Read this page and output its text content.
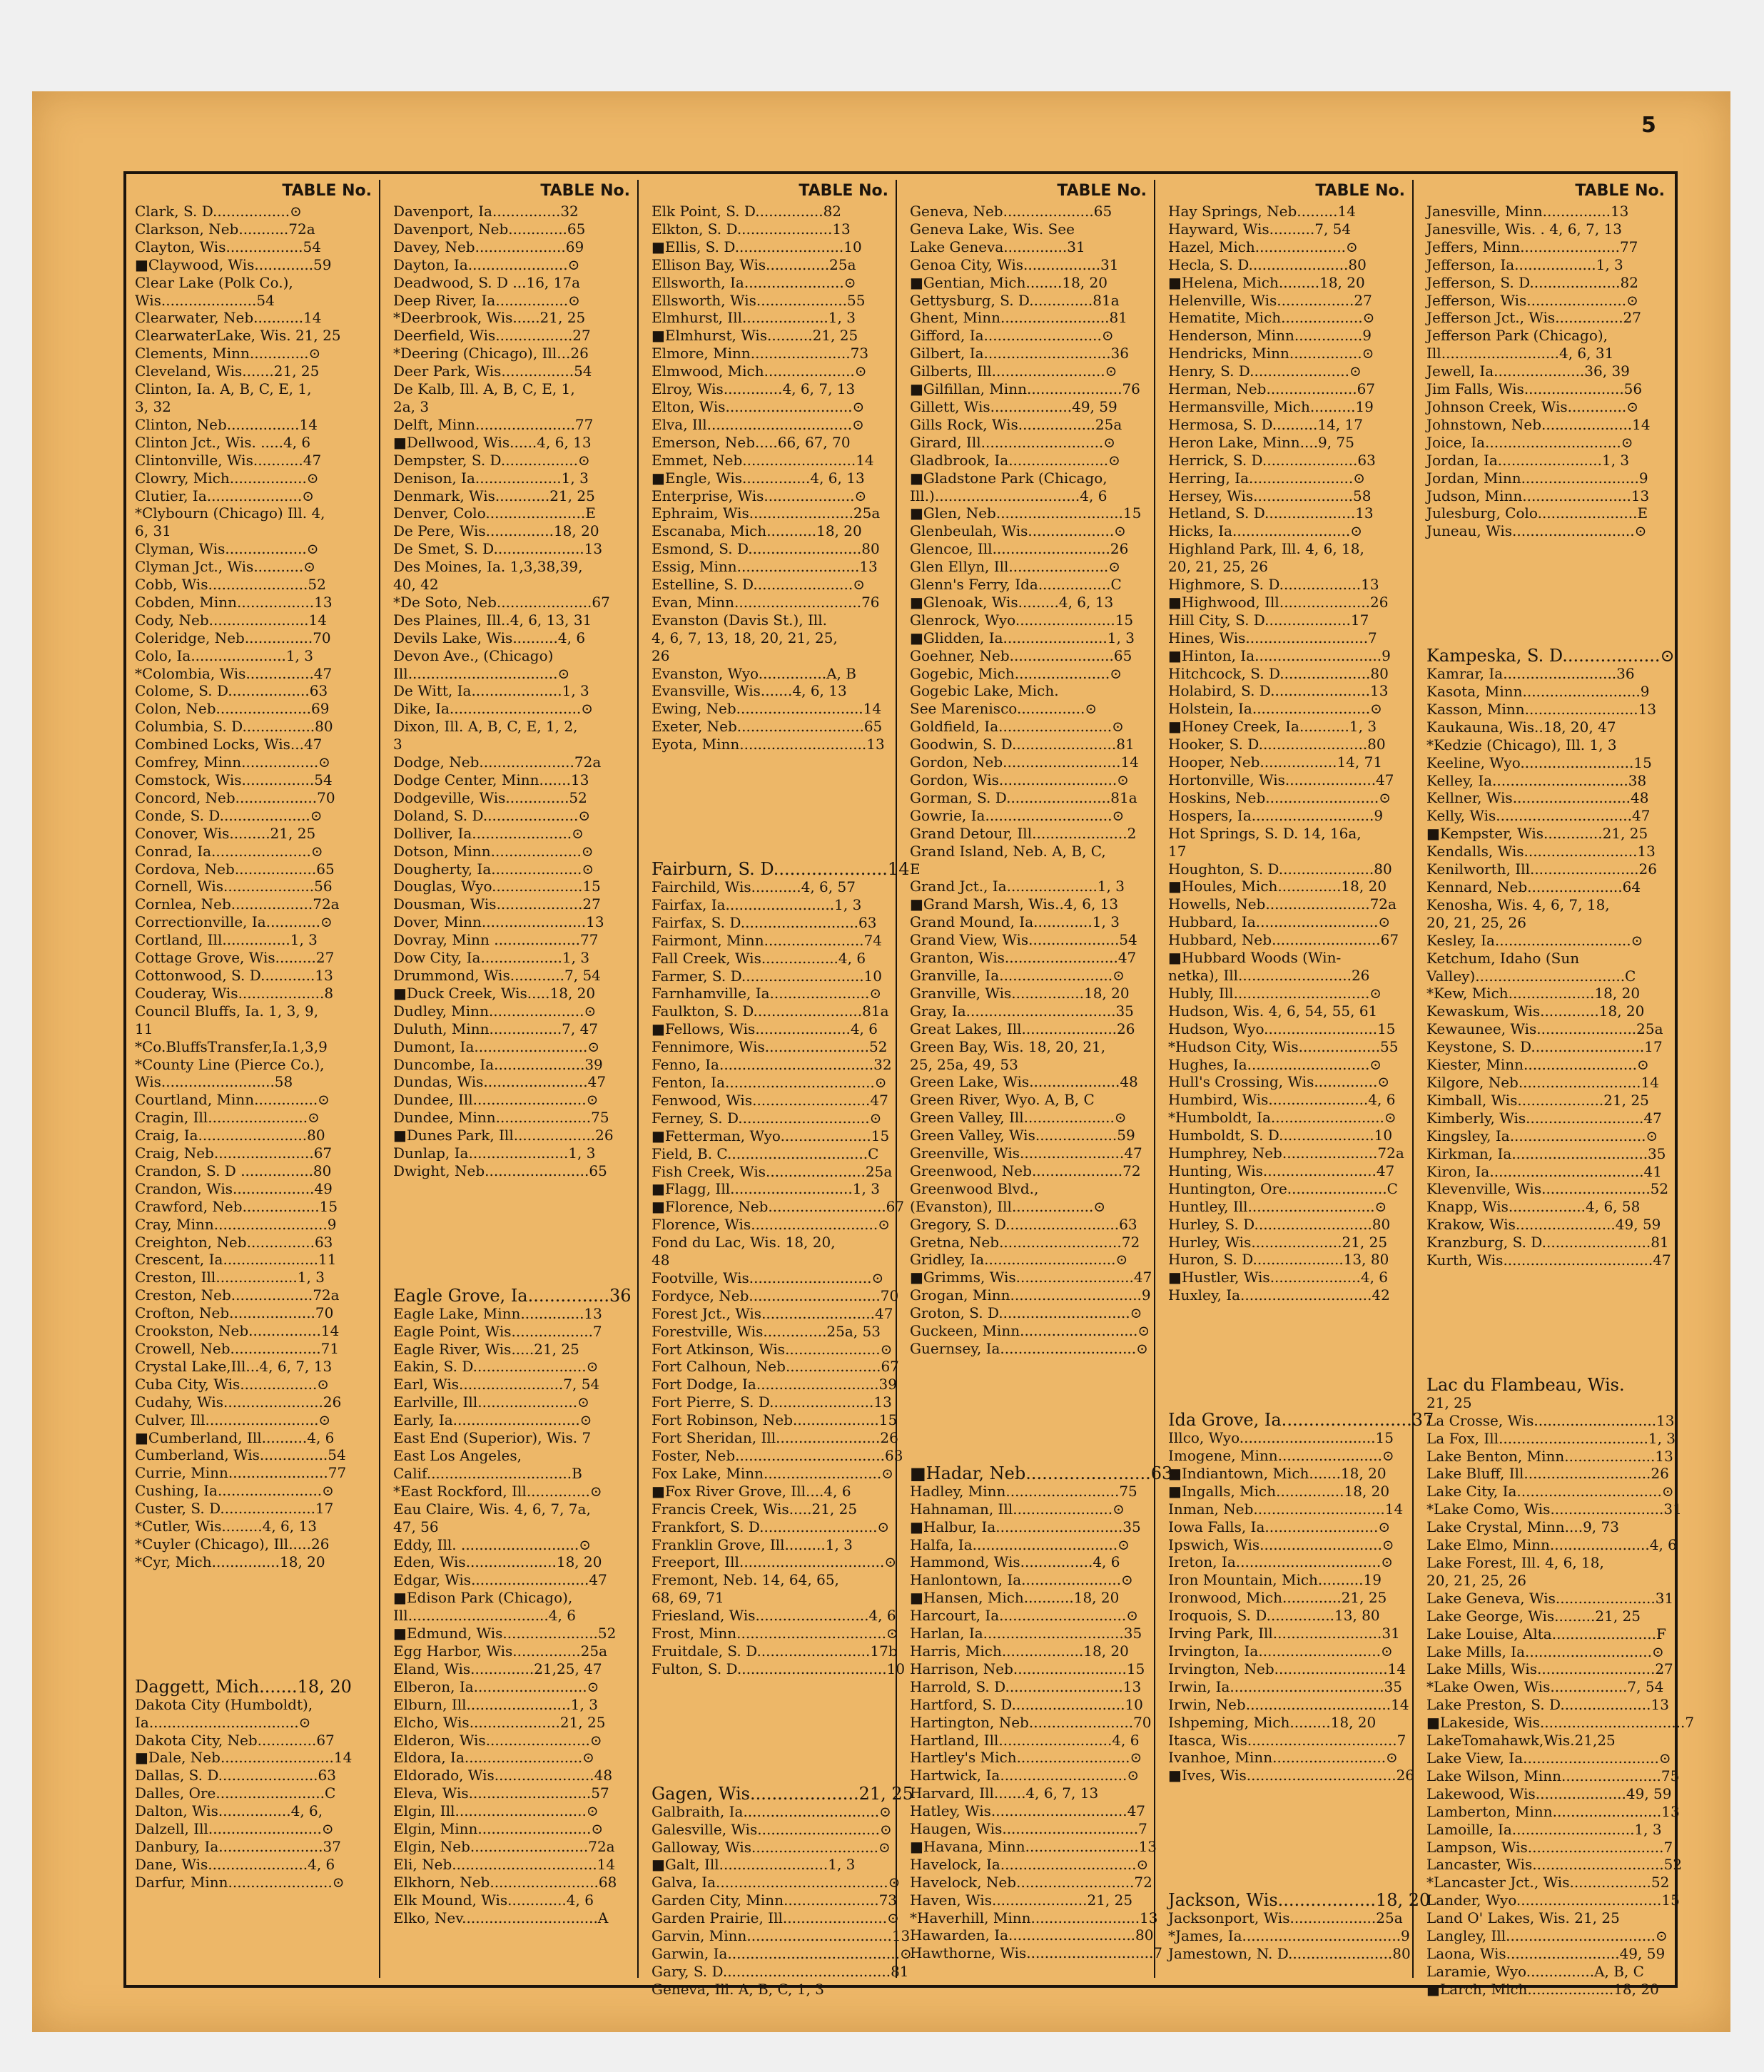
5
TABLE No.
Clark, S. D.................⊙
Clarkson, Neb...........72a
Clayton, Wis.................54
■Claywood, Wis.............59
Clear Lake (Polk Co.),
Wis.....................54
Clearwater, Neb...........14
ClearwaterLake, Wis. 21, 25
Clements, Minn.............⊙
Cleveland, Wis.......21, 25
Clinton, Ia. A, B, C, E, 1,
3, 32
Clinton, Neb................14
Clinton Jct., Wis. .....4, 6
Clintonville, Wis...........47
Clowry, Mich.................⊙
Clutier, Ia.....................⊙
*Clybourn (Chicago) Ill. 4,
6, 31
Clyman, Wis..................⊙
Clyman Jct., Wis...........⊙
Cobb, Wis......................52
Cobden, Minn.................13
Cody, Neb......................14
Coleridge, Neb...............70
Colo, Ia.....................1, 3
*Colombia, Wis...............47
Colome, S. D..................63
Colon, Neb.....................69
Columbia, S. D................80
Combined Locks, Wis...47
Comfrey, Minn.................⊙
Comstock, Wis................54
Concord, Neb..................70
Conde, S. D....................⊙
Conover, Wis.........21, 25
Conrad, Ia......................⊙
Cordova, Neb..................65
Cornell, Wis....................56
Cornlea, Neb..................72a
Correctionville, Ia............⊙
Cortland, Ill...............1, 3
Cottage Grove, Wis.........27
Cottonwood, S. D............13
Couderay, Wis...................8
Council Bluffs, Ia. 1, 3, 9,
11
*Co.BluffsTransfer,Ia.1,3,9
*County Line (Pierce Co.),
Wis.........................58
Courtland, Minn..............⊙
Cragin, Ill......................⊙
Craig, Ia........................80
Craig, Neb......................67
Crandon, S. D ................80
Crandon, Wis..................49
Crawford, Neb.................15
Cray, Minn.........................9
Creighton, Neb...............63
Crescent, Ia.....................11
Creston, Ill..................1, 3
Creston, Neb..................72a
Crofton, Neb...................70
Crookston, Neb................14
Crowell, Neb....................71
Crystal Lake,Ill...4, 6, 7, 13
Cuba City, Wis.................⊙
Cudahy, Wis......................26
Culver, Ill.........................⊙
■Cumberland, Ill..........4, 6
Cumberland, Wis...............54
Currie, Minn......................77
Cushing, Ia.......................⊙
Custer, S. D.....................17
*Cutler, Wis.........4, 6, 13
*Cuyler (Chicago), Ill.....26
*Cyr, Mich...............18, 20
Daggett, Mich.......18, 20
Dakota City (Humboldt),
Ia.................................⊙
Dakota City, Neb.............67
■Dale, Neb.........................14
Dallas, S. D......................63
Dalles, Ore........................C
Dalton, Wis................4, 6,
Dalzell, Ill.........................⊙
Danbury, Ia.......................37
Dane, Wis......................4, 6
Darfur, Minn.......................⊙
TABLE No.
Davenport, Ia...............32
Davenport, Neb.............65
Davey, Neb....................69
Dayton, Ia......................⊙
Deadwood, S. D ...16, 17a
Deep River, Ia................⊙
*Deerbrook, Wis......21, 25
Deerfield, Wis.................27
*Deering (Chicago), Ill...26
Deer Park, Wis................54
De Kalb, Ill. A, B, C, E, 1,
2a, 3
Delft, Minn......................77
■Dellwood, Wis......4, 6, 13
Dempster, S. D.................⊙
Denison, Ia...................1, 3
Denmark, Wis............21, 25
Denver, Colo......................E
De Pere, Wis...............18, 20
De Smet, S. D....................13
Des Moines, Ia. 1,3,38,39,
40, 42
*De Soto, Neb.....................67
Des Plaines, Ill..4, 6, 13, 31
Devils Lake, Wis..........4, 6
Devon Ave., (Chicago)
Ill.................................⊙
De Witt, Ia....................1, 3
Dike, Ia.............................⊙
Dixon, Ill. A, B, C, E, 1, 2,
3
Dodge, Neb.....................72a
Dodge Center, Minn.......13
Dodgeville, Wis..............52
Doland, S. D.....................⊙
Dolliver, Ia......................⊙
Dotson, Minn....................⊙
Dougherty, Ia....................⊙
Douglas, Wyo....................15
Dousman, Wis...................27
Dover, Minn.......................13
Dovray, Minn ...................77
Dow City, Ia..................1, 3
Drummond, Wis............7, 54
■Duck Creek, Wis.....18, 20
Dudley, Minn.....................⊙
Duluth, Minn................7, 47
Dumont, Ia.........................⊙
Duncombe, Ia....................39
Dundas, Wis.......................47
Dundee, Ill.........................⊙
Dundee, Minn.....................75
■Dunes Park, Ill..................26
Dunlap, Ia......................1, 3
Dwight, Neb.......................65
Eagle Grove, Ia...............36
Eagle Lake, Minn..............13
Eagle Point, Wis..................7
Eagle River, Wis.....21, 25
Eakin, S. D.........................⊙
Earl, Wis.......................7, 54
Earlville, Ill......................⊙
Early, Ia............................⊙
East End (Superior), Wis. 7
East Los Angeles,
Calif................................B
*East Rockford, Ill..............⊙
Eau Claire, Wis. 4, 6, 7, 7a,
47, 56
Eddy, Ill. ..........................⊙
Eden, Wis....................18, 20
Edgar, Wis..........................47
■Edison Park (Chicago),
Ill...............................4, 6
■Edmund, Wis.....................52
Egg Harbor, Wis...............25a
Eland, Wis..............21,25, 47
Elberon, Ia.........................⊙
Elburn, Ill.......................1, 3
Elcho, Wis....................21, 25
Elderon, Wis.......................⊙
Eldora, Ia..........................⊙
Eldorado, Wis......................48
Eleva, Wis...........................57
Elgin, Ill.............................⊙
Elgin, Minn.........................⊙
Elgin, Neb..........................72a
Eli, Neb................................14
Elkhorn, Neb........................68
Elk Mound, Wis.............4, 6
Elko, Nev..............................A
TABLE No.
Elk Point, S. D...............82
Elkton, S. D.....................13
■Ellis, S. D........................10
Ellison Bay, Wis..............25a
Ellsworth, Ia......................⊙
Ellsworth, Wis....................55
Elmhurst, Ill...................1, 3
■Elmhurst, Wis..........21, 25
Elmore, Minn......................73
Elmwood, Mich....................⊙
Elroy, Wis.............4, 6, 7, 13
Elton, Wis............................⊙
Elva, Ill................................⊙
Emerson, Neb.....66, 67, 70
Emmet, Neb.........................14
■Engle, Wis...............4, 6, 13
Enterprise, Wis....................⊙
Ephraim, Wis.......................25a
Escanaba, Mich...........18, 20
Esmond, S. D.........................80
Essig, Minn...........................13
Estelline, S. D......................⊙
Evan, Minn............................76
Evanston (Davis St.), Ill.
4, 6, 7, 13, 18, 20, 21, 25,
26
Evanston, Wyo...............A, B
Evansville, Wis.......4, 6, 13
Ewing, Neb............................14
Exeter, Neb............................65
Eyota, Minn............................13
Fairburn, S. D.....................14
Fairchild, Wis...........4, 6, 57
Fairfax, Ia........................1, 3
Fairfax, S. D..........................63
Fairmont, Minn......................74
Fall Creek, Wis.................4, 6
Farmer, S. D...........................10
Farnhamville, Ia......................⊙
Faulkton, S. D........................81a
■Fellows, Wis.....................4, 6
Fennimore, Wis.......................52
Fenno, Ia..................................32
Fenton, Ia.................................⊙
Fenwood, Wis..........................47
Ferney, S. D.............................⊙
■Fetterman, Wyo....................15
Field, B. C...............................C
Fish Creek, Wis......................25a
■Flagg, Ill...........................1, 3
■Florence, Neb..........................67
Florence, Wis............................⊙
Fond du Lac, Wis. 18, 20,
48
Footville, Wis...........................⊙
Fordyce, Neb.............................70
Forest Jct., Wis.........................47
Forestville, Wis..............25a, 53
Fort Atkinson, Wis.....................⊙
Fort Calhoun, Neb.....................67
Fort Dodge, Ia...........................39
Fort Pierre, S. D.......................13
Fort Robinson, Neb...................15
Fort Sheridan, Ill.......................26
Foster, Neb.................................63
Fox Lake, Minn..........................⊙
■Fox River Grove, Ill....4, 6
Francis Creek, Wis.....21, 25
Frankfort, S. D..........................⊙
Franklin Grove, Ill.........1, 3
Freeport, Ill................................⊙
Fremont, Neb. 14, 64, 65,
68, 69, 71
Friesland, Wis.........................4, 6
Frost, Minn.................................⊙
Fruitdale, S. D.........................17b
Fulton, S. D.................................10
Gagen, Wis....................21, 25
Galbraith, Ia..............................⊙
Galesville, Wis...........................⊙
Galloway, Wis............................⊙
■Galt, Ill........................1, 3
Galva, Ia......................................⊙
Garden City, Minn.....................73
Garden Prairie, Ill.......................⊙
Garvin, Minn................................13
Garwin, Ia......................................⊙
Gary, S. D.....................................81
Geneva, Ill. A, B, C, 1, 3
TABLE No.
Geneva, Neb....................65
Geneva Lake, Wis. See
Lake Geneva..............31
Genoa City, Wis.................31
■Gentian, Mich........18, 20
Gettysburg, S. D..............81a
Ghent, Minn........................81
Gifford, Ia..........................⊙
Gilbert, Ia............................36
Gilberts, Ill.........................⊙
■Gilfillan, Minn.....................76
Gillett, Wis..................49, 59
Gills Rock, Wis.................25a
Girard, Ill...........................⊙
Gladbrook, Ia......................⊙
■Gladstone Park (Chicago,
Ill.)................................4, 6
■Glen, Neb............................15
Glenbeulah, Wis...................⊙
Glencoe, Ill..........................26
Glen Ellyn, Ill......................⊙
Glenn's Ferry, Ida................C
■Glenoak, Wis.........4, 6, 13
Glenrock, Wyo......................15
■Glidden, Ia.......................1, 3
Goehner, Neb.......................65
Gogebic, Mich.....................⊙
Gogebic Lake, Mich.
See Marenisco...............⊙
Goldfield, Ia.........................⊙
Goodwin, S. D.......................81
Gordon, Neb..........................14
Gordon, Wis..........................⊙
Gorman, S. D.......................81a
Gowrie, Ia............................⊙
Grand Detour, Ill.....................2
Grand Island, Neb. A, B, C,
E
Grand Jct., Ia....................1, 3
■Grand Marsh, Wis..4, 6, 13
Grand Mound, Ia.............1, 3
Grand View, Wis....................54
Granton, Wis.........................47
Granville, Ia.........................⊙
Granville, Wis................18, 20
Gray, Ia.................................35
Great Lakes, Ill.....................26
Green Bay, Wis. 18, 20, 21,
25, 25a, 49, 53
Green Lake, Wis....................48
Green River, Wyo. A, B, C
Green Valley, Ill....................⊙
Green Valley, Wis..................59
Greenville, Wis.......................47
Greenwood, Neb....................72
Greenwood Blvd.,
(Evanston), Ill..................⊙
Gregory, S. D.........................63
Gretna, Neb...........................72
Gridley, Ia.............................⊙
■Grimms, Wis..........................47
Grogan, Minn.............................9
Groton, S. D.............................⊙
Guckeen, Minn..........................⊙
Guernsey, Ia..............................⊙
■Hadar, Neb.......................63
Hadley, Minn.........................75
Hahnaman, Ill......................⊙
■Halbur, Ia............................35
Halfa, Ia................................⊙
Hammond, Wis................4, 6
Hanlontown, Ia......................⊙
■Hansen, Mich...........18, 20
Harcourt, Ia............................⊙
Harlan, Ia...............................35
Harris, Mich..................18, 20
Harrison, Neb.........................15
Harrold, S. D..........................13
Hartford, S. D.........................10
Hartington, Neb.......................70
Hartland, Ill.........................4, 6
Hartley's Mich.........................⊙
Hartwick, Ia............................⊙
Harvard, Ill.......4, 6, 7, 13
Hatley, Wis..............................47
Haugen, Wis..............................7
■Havana, Minn.........................13
Havelock, Ia..............................⊙
Havelock, Neb..........................72
Haven, Wis.....................21, 25
*Haverhill, Minn........................13
Hawarden, Ia............................80
Hawthorne, Wis............................7
TABLE No.
Hay Springs, Neb.........14
Hayward, Wis..........7, 54
Hazel, Mich....................⊙
Hecla, S. D......................80
■Helena, Mich.........18, 20
Helenville, Wis.................27
Hematite, Mich..................⊙
Henderson, Minn...............9
Hendricks, Minn................⊙
Henry, S. D......................⊙
Herman, Neb....................67
Hermansville, Mich..........19
Hermosa, S. D..........14, 17
Heron Lake, Minn....9, 75
Herrick, S. D.....................63
Herring, Ia.......................⊙
Hersey, Wis......................58
Hetland, S. D....................13
Hicks, Ia..........................⊙
Highland Park, Ill. 4, 6, 18,
20, 21, 25, 26
Highmore, S. D..................13
■Highwood, Ill....................26
Hill City, S. D...................17
Hines, Wis...........................7
■Hinton, Ia............................9
Hitchcock, S. D....................80
Holabird, S. D......................13
Holstein, Ia..........................⊙
■Honey Creek, Ia...........1, 3
Hooker, S. D........................80
Hooper, Neb.................14, 71
Hortonville, Wis....................47
Hoskins, Neb.........................⊙
Hospers, Ia...........................9
Hot Springs, S. D. 14, 16a,
17
Houghton, S. D.....................80
■Houles, Mich..............18, 20
Howells, Neb.......................72a
Hubbard, Ia...........................⊙
Hubbard, Neb........................67
■Hubbard Woods (Win-
netka), Ill.........................26
Hubly, Ill..............................⊙
Hudson, Wis. 4, 6, 54, 55, 61
Hudson, Wyo.........................15
*Hudson City, Wis..................55
Hughes, Ia...........................⊙
Hull's Crossing, Wis..............⊙
Humbird, Wis......................4, 6
*Humboldt, Ia.........................⊙
Humboldt, S. D.....................10
Humphrey, Neb.....................72a
Hunting, Wis.........................47
Huntington, Ore......................C
Huntley, Ill............................⊙
Hurley, S. D..........................80
Hurley, Wis....................21, 25
Huron, S. D....................13, 80
■Hustler, Wis....................4, 6
Huxley, Ia.............................42
Ida Grove, Ia........................37
Illco, Wyo..............................15
Imogene, Minn.......................⊙
■Indiantown, Mich.......18, 20
■Ingalls, Mich...............18, 20
Inman, Neb.............................14
Iowa Falls, Ia.........................⊙
Ipswich, Wis...........................⊙
Ireton, Ia................................⊙
Iron Mountain, Mich..........19
Ironwood, Mich.............21, 25
Iroquois, S. D...............13, 80
Irving Park, Ill........................31
Irvington, Ia...........................⊙
Irvington, Neb.........................14
Irwin, Ia..................................35
Irwin, Neb................................14
Ishpeming, Mich.........18, 20
Itasca, Wis.................................7
Ivanhoe, Minn.........................⊙
■Ives, Wis.................................26
Jackson, Wis..................18, 20
Jacksonport, Wis...................25a
*James, Ia...................................9
Jamestown, N. D.......................80
TABLE No.
Janesville, Minn...............13
Janesville, Wis. . 4, 6, 7, 13
Jeffers, Minn......................77
Jefferson, Ia..................1, 3
Jefferson, S. D....................82
Jefferson, Wis......................⊙
Jefferson Jct., Wis...............27
Jefferson Park (Chicago),
Ill..........................4, 6, 31
Jewell, Ia....................36, 39
Jim Falls, Wis......................56
Johnson Creek, Wis.............⊙
Johnstown, Neb....................14
Joice, Ia..............................⊙
Jordan, Ia.......................1, 3
Jordan, Minn..........................9
Judson, Minn........................13
Julesburg, Colo......................E
Juneau, Wis...........................⊙
Kampeska, S. D..................⊙
Kamrar, Ia.........................36
Kasota, Minn..........................9
Kasson, Minn.........................13
Kaukauna, Wis..18, 20, 47
*Kedzie (Chicago), Ill. 1, 3
Keeline, Wyo.........................15
Kelley, Ia..............................38
Kellner, Wis..........................48
Kelly, Wis..............................47
■Kempster, Wis.............21, 25
Kendalls, Wis.........................13
Kenilworth, Ill........................26
Kennard, Neb.....................64
Kenosha, Wis. 4, 6, 7, 18,
20, 21, 25, 26
Kesley, Ia..............................⊙
Ketchum, Idaho (Sun
Valley).................................C
*Kew, Mich...................18, 20
Kewaskum, Wis.............18, 20
Kewaunee, Wis......................25a
Keystone, S. D.........................17
Kiester, Minn.........................⊙
Kilgore, Neb...........................14
Kimball, Wis...................21, 25
Kimberly, Wis..........................47
Kingsley, Ia..............................⊙
Kirkman, Ia..............................35
Kiron, Ia..................................41
Klevenville, Wis........................52
Knapp, Wis.................4, 6, 58
Krakow, Wis......................49, 59
Kranzburg, S. D........................81
Kurth, Wis.................................47
Lac du Flambeau, Wis.
21, 25
La Crosse, Wis...........................13
La Fox, Ill.................................1, 3
Lake Benton, Minn....................13
Lake Bluff, Ill............................26
Lake City, Ia................................⊙
*Lake Como, Wis.........................31
Lake Crystal, Minn....9, 73
Lake Elmo, Minn......................4, 6
Lake Forest, Ill. 4, 6, 18,
20, 21, 25, 26
Lake Geneva, Wis......................31
Lake George, Wis.........21, 25
Lake Louise, Alta.......................F
Lake Mills, Ia............................⊙
Lake Mills, Wis..........................27
*Lake Owen, Wis.................7, 54
Lake Preston, S. D....................13
■Lakeside, Wis................................7
LakeTomahawk,Wis.21,25
Lake View, Ia..............................⊙
Lake Wilson, Minn......................75
Lakewood, Wis....................49, 59
Lamberton, Minn........................13
Lamoille, Ia...........................1, 3
Lampson, Wis..............................7
Lancaster, Wis.............................52
*Lancaster Jct., Wis..................52
Lander, Wyo................................15
Land O' Lakes, Wis. 21, 25
Langley, Ill.................................⊙
Laona, Wis.........................49, 59
Laramie, Wyo...............A, B, C
■Larch, Mich...................18, 20
